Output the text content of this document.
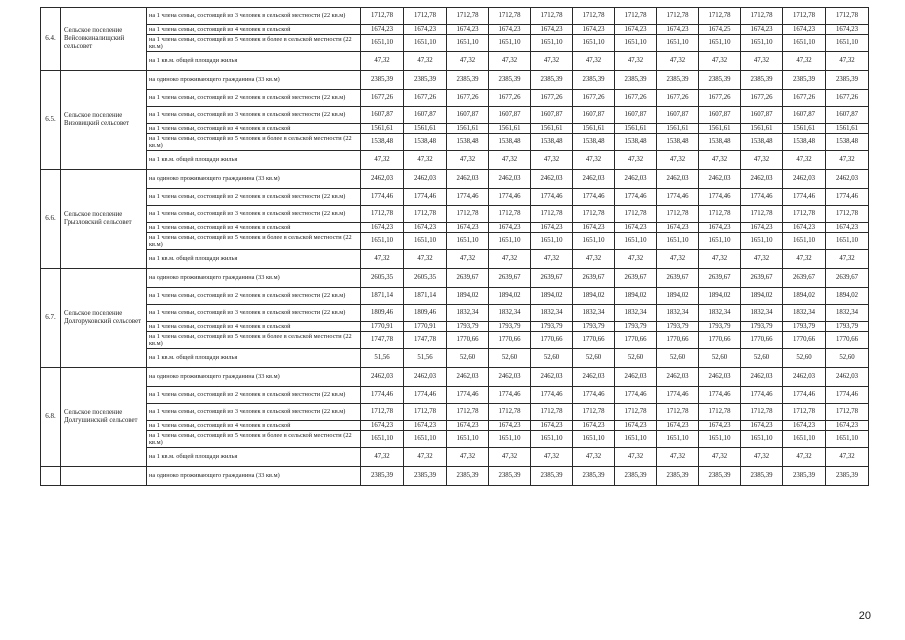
6.4.	Сельское поселение Вейсовкиналищский сельсовет	на 1 члена семьи, состоящей из 3 человек в сельской местности (22 кв.м)	1712,78	1712,78	1712,78	1712,78	1712,78	1712,78	1712,78	1712,78	1712,78	1712,78	1712,78	1712,78
		на 1 члена семьи, состоящей из 4 человек в сельской	1674,23	1674,23	1674,23	1674,23	1674,23	1674,23	1674,23	1674,23	1674,25	1674,23	1674,23	1674,23
		на 1 члена семьи, состоящей из 5 человек и более в сельской местности (22 кв.м)	1651,10	1651,10	1651,10	1651,10	1651,10	1651,10	1651,10	1651,10	1651,10	1651,10	1651,10	1651,10
		на 1 кв.м. общей площади жилья	47,32	47,32	47,32	47,32	47,32	47,32	47,32	47,32	47,32	47,32	47,32	47,32
6.5.	Сельское поселение Визовицкий сельсовет	на одиноко проживающего гражданина (33 кв.м)	2385,39	2385,39	2385,39	2385,39	2385,39	2385,39	2385,39	2385,39	2385,39	2385,39	2385,39	2385,39
		на 1 члена семьи, состоящей из 2 человек в сельской местности (22 кв.м)	1677,26	1677,26	1677,26	1677,26	1677,26	1677,26	1677,26	1677,26	1677,26	1677,26	1677,26	1677,26
		на 1 члена семьи, состоящей из 3 человек в сельской местности (22 кв.м)	1607,87	1607,87	1607,87	1607,87	1607,87	1607,87	1607,87	1607,87	1607,87	1607,87	1607,87	1607,87
		на 1 члена семьи, состоящей из 4 человек в сельской	1561,61	1561,61	1561,61	1561,61	1561,61	1561,61	1561,61	1561,61	1561,61	1561,61	1561,61	1561,61
		на 1 члена семьи, состоящей из 5 человек и более в сельской местности (22 кв.м)	1538,48	1538,48	1538,48	1538,48	1538,48	1538,48	1538,48	1538,48	1538,48	1538,48	1538,48	1538,48
		на 1 кв.м. общей площади жилья	47,32	47,32	47,32	47,32	47,32	47,32	47,32	47,32	47,32	47,32	47,32	47,32
6.6.	Сельское поселение Грызловский сельсовет	на одиноко проживающего гражданина (33 кв.м)	2462,03	2462,03	2462,03	2462,03	2462,03	2462,03	2462,03	2462,03	2462,03	2462,03	2462,03	2462,03
		на 1 члена семьи, состоящей из 2 человек в сельской местности (22 кв.м)	1774,46	1774,46	1774,46	1774,46	1774,46	1774,46	1774,46	1774,46	1774,46	1774,46	1774,46	1774,46
		на 1 члена семьи, состоящей из 3 человек в сельской местности (22 кв.м)	1712,78	1712,78	1712,78	1712,78	1712,78	1712,78	1712,78	1712,78	1712,78	1712,78	1712,78	1712,78
		на 1 члена семьи, состоящей из 4 человек в сельской	1674,23	1674,23	1674,23	1674,23	1674,23	1674,23	1674,23	1674,23	1674,23	1674,23	1674,23	1674,23
		на 1 члена семьи, состоящей из 5 человек и более в сельской местности (22 кв.м)	1651,10	1651,10	1651,10	1651,10	1651,10	1651,10	1651,10	1651,10	1651,10	1651,10	1651,10	1651,10
		на 1 кв.м. общей площади жилья	47,32	47,32	47,32	47,32	47,32	47,32	47,32	47,32	47,32	47,32	47,32	47,32
6.7.	Сельское поселение Долгоруковский сельсовет	на одиноко проживающего гражданина (33 кв.м)	2605,35	2605,35	2639,67	2639,67	2639,67	2639,67	2639,67	2639,67	2639,67	2639,67	2639,67	2639,67
		на 1 члена семьи, состоящей из 2 человек в сельской местности (22 кв.м)	1871,14	1871,14	1894,02	1894,02	1894,02	1894,02	1894,02	1894,02	1894,02	1894,02	1894,02	1894,02
		на 1 члена семьи, состоящей из 3 человек в сельской местности (22 кв.м)	1809,46	1809,46	1832,34	1832,34	1832,34	1832,34	1832,34	1832,34	1832,34	1832,34	1832,34	1832,34
		на 1 члена семьи, состоящей из 4 человек в сельской	1770,91	1770,91	1793,79	1793,79	1793,79	1793,79	1793,79	1793,79	1793,79	1793,79	1793,79	1793,79
		на 1 члена семьи, состоящей из 5 человек и более в сельской местности (22 кв.м)	1747,78	1747,78	1770,66	1770,66	1770,66	1770,66	1770,66	1770,66	1770,66	1770,66	1770,66	1770,66
		на 1 кв.м. общей площади жилья	51,56	51,56	52,60	52,60	52,60	52,60	52,60	52,60	52,60	52,60	52,60	52,60
6.8.	Сельское поселение Долгушинский сельсовет	на одиноко проживающего гражданина (33 кв.м)	2462,03	2462,03	2462,03	2462,03	2462,03	2462,03	2462,03	2462,03	2462,03	2462,03	2462,03	2462,03
		на 1 члена семьи, состоящей из 2 человек в сельской местности (22 кв.м)	1774,46	1774,46	1774,46	1774,46	1774,46	1774,46	1774,46	1774,46	1774,46	1774,46	1774,46	1774,46
		на 1 члена семьи, состоящей из 3 человек в сельской местности (22 кв.м)	1712,78	1712,78	1712,78	1712,78	1712,78	1712,78	1712,78	1712,78	1712,78	1712,78	1712,78	1712,78
		на 1 члена семьи, состоящей из 4 человек в сельской	1674,23	1674,23	1674,23	1674,23	1674,23	1674,23	1674,23	1674,23	1674,23	1674,23	1674,23	1674,23
		на 1 члена семьи, состоящей из 5 человек и более в сельской местности (22 кв.м)	1651,10	1651,10	1651,10	1651,10	1651,10	1651,10	1651,10	1651,10	1651,10	1651,10	1651,10	1651,10
		на 1 кв.м. общей площади жилья	47,32	47,32	47,32	47,32	47,32	47,32	47,32	47,32	47,32	47,32	47,32	47,32
		на одиноко проживающего гражданина (33 кв.м)	2385,39	2385,39	2385,39	2385,39	2385,39	2385,39	2385,39	2385,39	2385,39	2385,39	2385,39	2385,39
20
